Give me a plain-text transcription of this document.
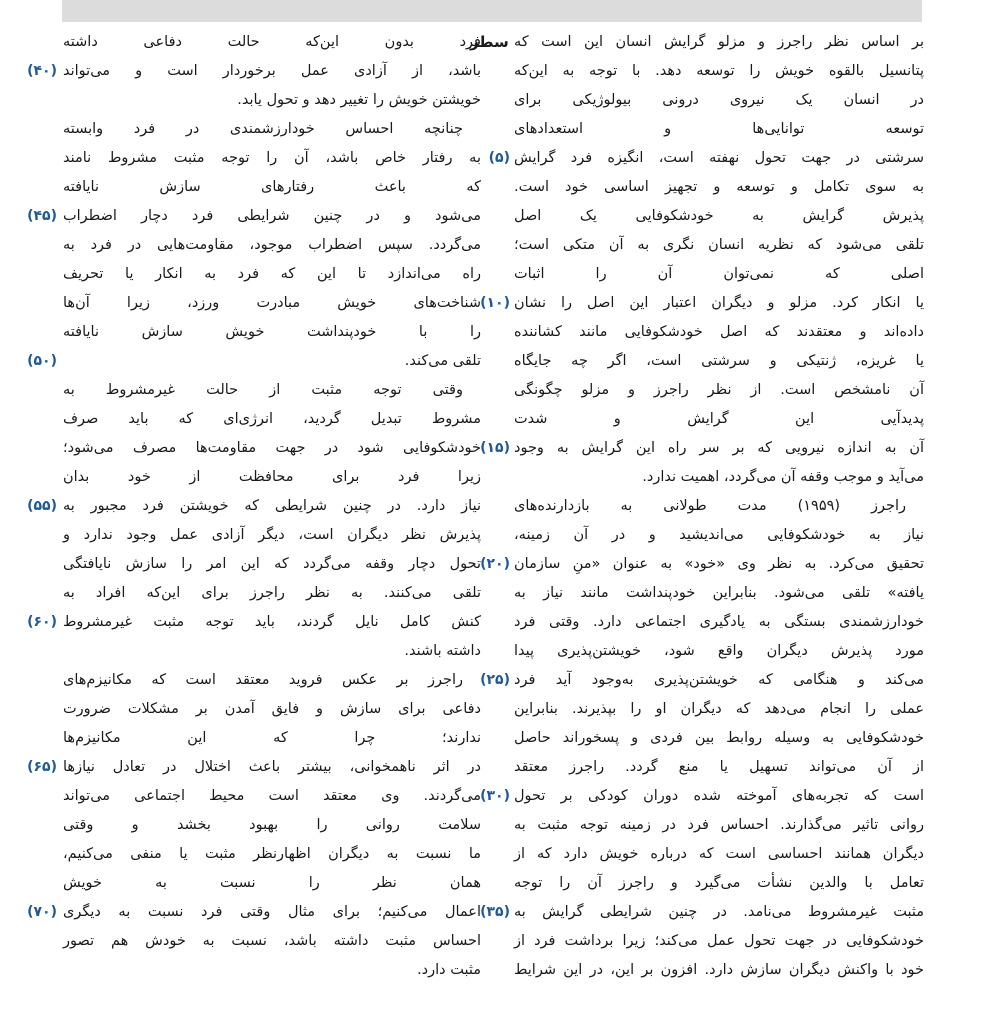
بر اساس نظر راجرز و مزلو گرایش انسان این است که
سطر
پتانسیل بالقوه خویش را توسعه دهد. با توجه به این‌که
در انسان یک نیروی درونی بیولوژیکی برای
توسعه توانایی‌ها و استعدادهای
سرشتی در جهت تحول نهفته است، انگیزه فرد گرایش
(۵)
به سوی تکامل و توسعه و تجهیز اساسی خود است.
پذیرش گرایش به خودشکوفایی یک اصل
تلقی می‌شود که نظریه انسان نگری به آن متکی است؛
اصلی که نمی‌توان آن را اثبات
یا انکار کرد. مزلو و دیگران اعتبار این اصل را نشان
(۱۰)
داده‌اند و معتقدند که اصل خودشکوفایی مانند کشاننده
یا غریزه، ژنتیکی و سرشتی است، اگر چه جایگاه
آن نامشخص است. از نظر راجرز و مزلو چگونگی
پدیدآیی این گرایش و شدت
آن به اندازه نیرویی که بر سر راه این گرایش به وجود
(۱۵)
می‌آید و موجب وقفه آن می‌گردد، اهمیت ندارد.
راجرز (۱۹۵۹) مدت طولانی به بازدارنده‌های
نیاز به خودشکوفایی می‌اندیشید و در آن زمینه،
تحقیق می‌کرد. به نظر وی «خود» به عنوان «منِ سازمان
(۲۰)
یافته» تلقی می‌شود. بنابراین خودپنداشت مانند نیاز به
خودارزشمندی بستگی به یادگیری اجتماعی دارد. وقتی فرد
مورد پذیرش دیگران واقع شود، خویشتن‌پذیری پیدا
می‌کند و هنگامی که خویشتن‌پذیری به‌وجود آید فرد
(۲۵)
عملی را انجام می‌دهد که دیگران او را بپذیرند. بنابراین
خودشکوفایی به وسیله روابط بین فردی و پسخوراند حاصل
از آن می‌تواند تسهیل یا منع گردد. راجرز معتقد
است که تجربه‌های آموخته شده دوران کودکی بر تحول
(۳۰)
روانی تاثیر می‌گذارند. احساس فرد در زمینه توجه مثبت به
دیگران همانند احساسی است که درباره خویش دارد که از
تعامل با والدین نشأت می‌گیرد و راجرز آن را توجه
مثبت غیرمشروط می‌نامد. در چنین شرایطی گرایش به
(۳۵)
خودشکوفایی در جهت تحول عمل می‌کند؛ زیرا برداشت فرد از
خود با واکنش دیگران سازش دارد. افزون بر این، در این شرایط
فرد بدون این‌که حالت دفاعی داشته
باشد، از آزادی عمل برخوردار است و می‌تواند
(۴۰)
خویشتن خویش را تغییر دهد و تحول یابد.
چنانچه احساس خودارزشمندی در فرد وابسته
به رفتار خاص باشد، آن را توجه مثبت مشروط نامند
که باعث رفتارهای سازش نایافته
می‌شود و در چنین شرایطی فرد دچار اضطراب
(۴۵)
می‌گردد. سپس اضطراب موجود، مقاومت‌هایی در فرد به
راه می‌اندازد تا این که فرد به انکار یا تحریف
شناخت‌های خویش مبادرت ورزد، زیرا آن‌ها
را با خودپنداشت خویش سازش نایافته
تلقی می‌کند.
(۵۰)
وقتی توجه مثبت از حالت غیرمشروط به
مشروط تبدیل گردید، انرژی‌ای که باید صرف
خودشکوفایی شود در جهت مقاومت‌ها مصرف می‌شود؛
زیرا فرد برای محافظت از خود بدان
نیاز دارد. در چنین شرایطی که خویشتن فرد مجبور به
(۵۵)
پذیرش نظر دیگران است، دیگر آزادی عمل وجود ندارد و
تحول دچار وقفه می‌گردد که این امر را سازش نایافتگی
تلقی می‌کنند. به نظر راجرز برای این‌که افراد به
کنش کامل نایل گردند، باید توجه مثبت غیرمشروط
(۶۰)
داشته باشند.
راجرز بر عکس فروید معتقد است که مکانیزم‌های
دفاعی برای سازش و فایق آمدن بر مشکلات ضرورت
ندارند؛ چرا که این مکانیزم‌ها
در اثر ناهمخوانی، بیشتر باعث اختلال در تعادل نیازها
(۶۵)
می‌گردند. وی معتقد است محیط اجتماعی می‌تواند
سلامت روانی را بهبود بخشد و وقتی
ما نسبت به دیگران اظهارنظر مثبت یا منفی می‌کنیم،
همان نظر را نسبت به خویش
اعمال می‌کنیم؛ برای مثال وقتی فرد نسبت به دیگری
(۷۰)
احساس مثبت داشته باشد، نسبت به خودش هم تصور
مثبت دارد.
